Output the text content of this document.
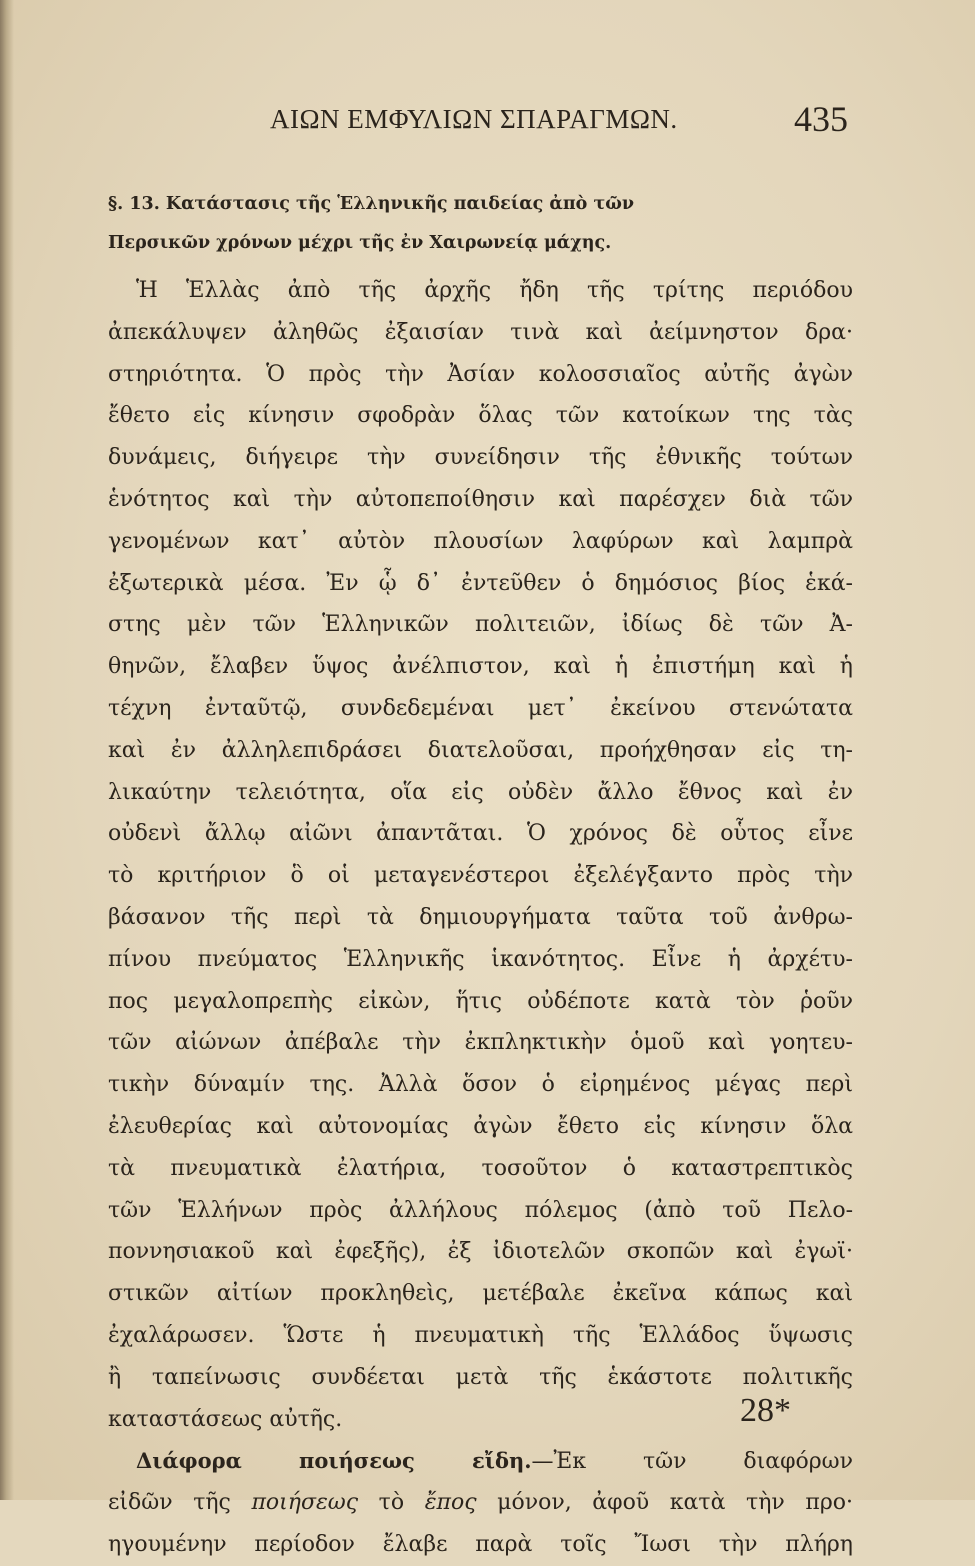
ΑΙΩΝ ΕΜΦΥΛΙΩΝ ΣΠΑΡΑΓΜΩΝ.	435
§. 13. Κατάστασις τῆς Ἑλληνικῆς παιδείας ἀπὸ τῶν
Περσικῶν χρόνων μέχρι τῆς ἐν Χαιρωνείᾳ μάχης.
Ἡ Ἑλλὰς ἀπὸ τῆς ἀρχῆς ἤδη τῆς τρίτης περιόδου
ἀπεκάλυψεν ἀληθῶς ἐξαισίαν τινὰ καὶ ἀείμνηστον δρα·
στηριότητα. Ὁ πρὸς τὴν Ἀσίαν κολοσσιαῖος αὐτῆς ἀγὼν
ἔθετο εἰς κίνησιν σφοδρὰν ὅλας τῶν κατοίκων της τὰς
δυνάμεις, διήγειρε τὴν συνείδησιν τῆς ἐθνικῆς τούτων
ἑνότητος καὶ τὴν αὐτοπεποίθησιν καὶ παρέσχεν διὰ τῶν
γενομένων κατ᾽ αὐτὸν πλουσίων λαφύρων καὶ λαμπρὰ
ἐξωτερικὰ μέσα. Ἐν ᾧ δ᾽ ἐντεῦθεν ὁ δημόσιος βίος ἑκά-
στης μὲν τῶν Ἑλληνικῶν πολιτειῶν, ἰδίως δὲ τῶν Ἀ-
θηνῶν, ἔλαβεν ὕψος ἀνέλπιστον, καὶ ἡ ἐπιστήμη καὶ ἡ
τέχνη ἐνταῦτῷ, συνδεδεμέναι μετ᾽ ἐκείνου στενώτατα
καὶ ἐν ἀλληλεπιδράσει διατελοῦσαι, προήχθησαν εἰς τη-
λικαύτην τελειότητα, οἵα εἰς οὐδὲν ἄλλο ἔθνος καὶ ἐν
οὐδενὶ ἄλλῳ αἰῶνι ἀπαντᾶται. Ὁ χρόνος δὲ οὗτος εἶνε
τὸ κριτήριον ὃ οἱ μεταγενέστεροι ἐξελέγξαντο πρὸς τὴν
βάσανον τῆς περὶ τὰ δημιουργήματα ταῦτα τοῦ ἀνθρω-
πίνου πνεύματος Ἑλληνικῆς ἱκανότητος. Εἶνε ἡ ἀρχέτυ-
πος μεγαλοπρεπὴς εἰκὼν, ἥτις οὐδέποτε κατὰ τὸν ῥοῦν
τῶν αἰώνων ἀπέβαλε τὴν ἐκπληκτικὴν ὁμοῦ καὶ γοητευ-
τικὴν δύναμίν της. Ἀλλὰ ὅσον ὁ εἰρημένος μέγας περὶ
ἐλευθερίας καὶ αὐτονομίας ἀγὼν ἔθετο εἰς κίνησιν ὅλα
τὰ πνευματικὰ ἐλατήρια, τοσοῦτον ὁ καταστρεπτικὸς
τῶν Ἑλλήνων πρὸς ἀλλήλους πόλεμος (ἀπὸ τοῦ Πελο-
ποννησιακοῦ καὶ ἐφεξῆς), ἐξ ἰδιοτελῶν σκοπῶν καὶ ἐγωϊ·
στικῶν αἰτίων προκληθεὶς, μετέβαλε ἐκεῖνα κάπως καὶ
ἐχαλάρωσεν. Ὥστε ἡ πνευματικὴ τῆς Ἑλλάδος ὕψωσις
ἢ ταπείνωσις συνδέεται μετὰ τῆς ἑκάστοτε πολιτικῆς
καταστάσεως αὐτῆς.
Διάφορα ποιήσεως εἴδη.—Ἐκ τῶν διαφόρων
εἰδῶν τῆς ποιήσεως τὸ ἔπος μόνον, ἀφοῦ κατὰ τὴν προ·
ηγουμένην περίοδον ἔλαβε παρὰ τοῖς Ἴωσι τὴν πλήρη
28*
